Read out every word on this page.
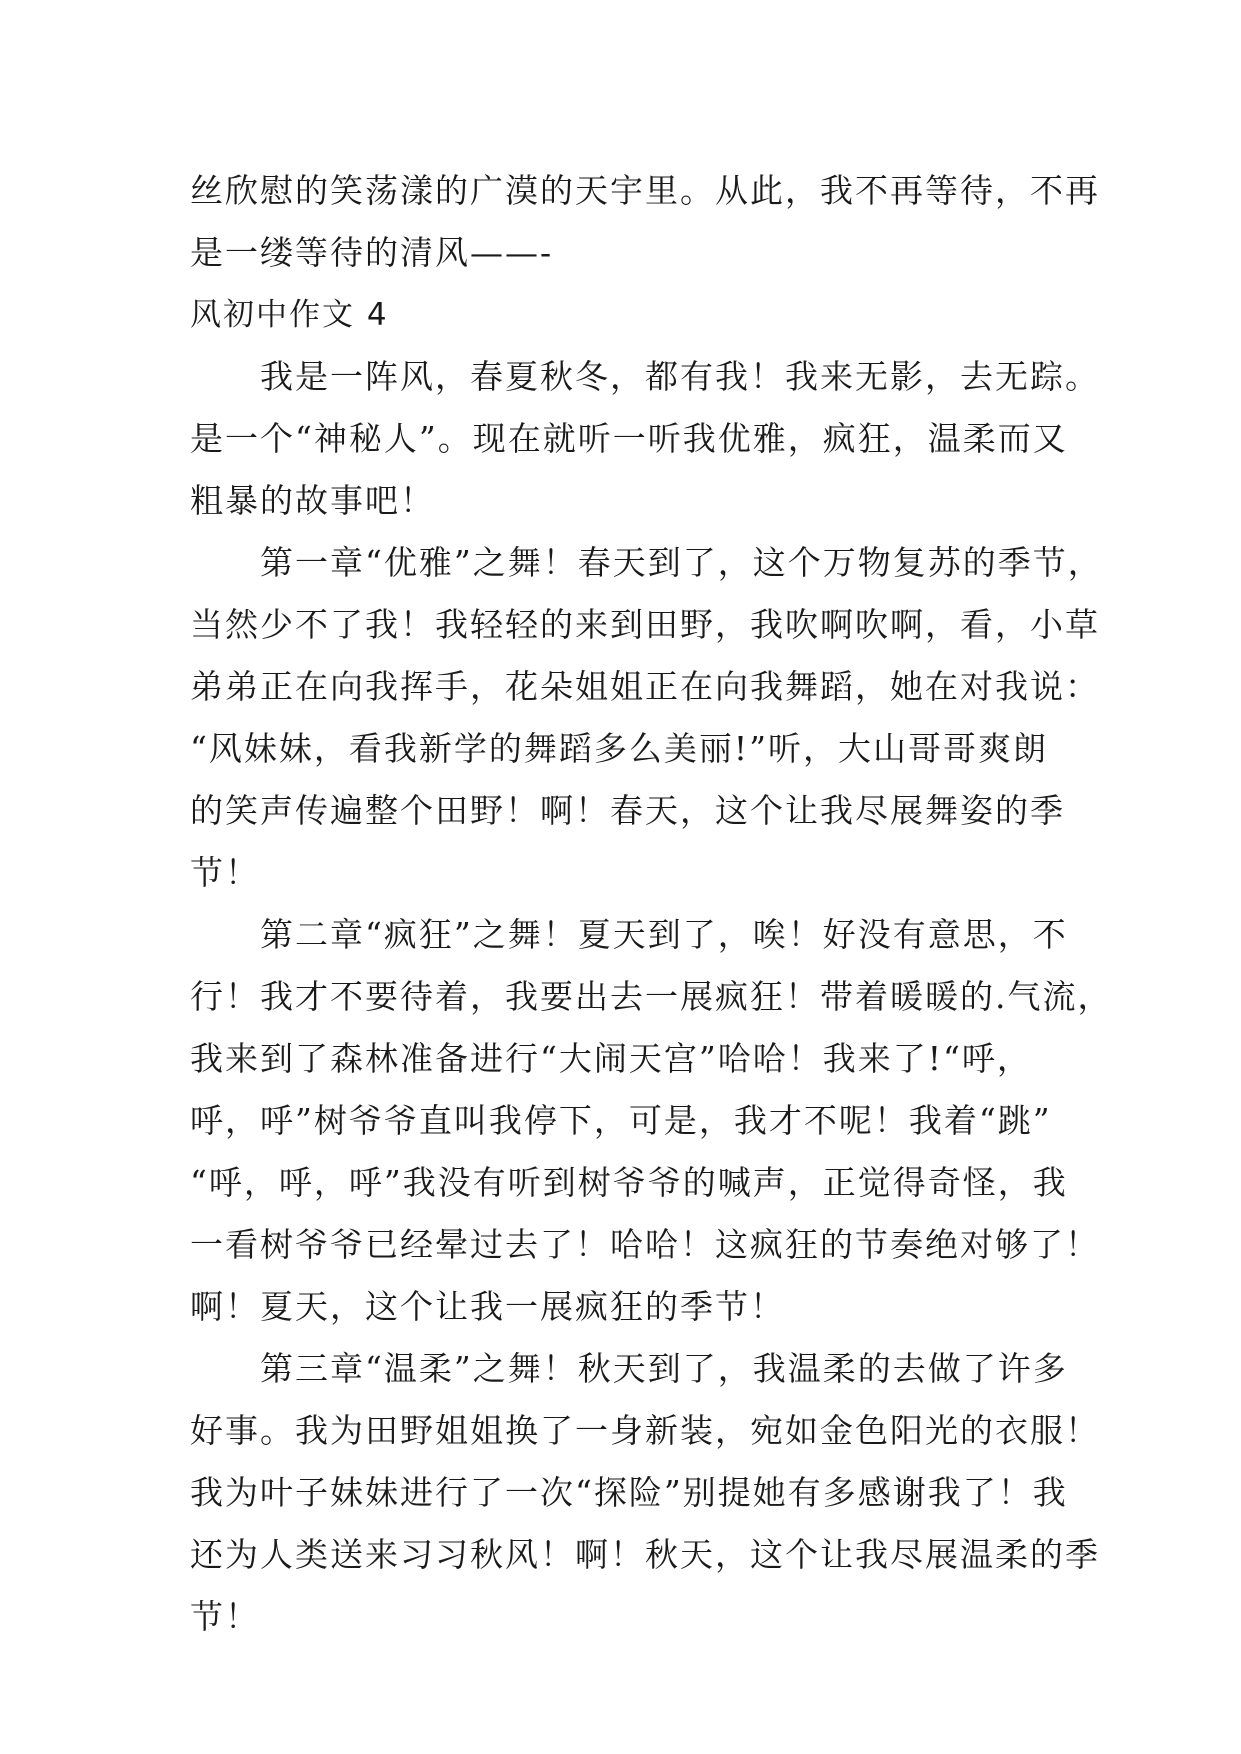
丝欣慰的笑荡漾的广漠的天宇里。从此，我不再等待，不再
是一缕等待的清风——-
风初中作文 4
　　我是一阵风，春夏秋冬，都有我！我来无影，去无踪。
是一个“神秘人”。现在就听一听我优雅，疯狂，温柔而又
粗暴的故事吧！
　　第一章“优雅”之舞！春天到了，这个万物复苏的季节，
当然少不了我！我轻轻的来到田野，我吹啊吹啊，看，小草
弟弟正在向我挥手，花朵姐姐正在向我舞蹈，她在对我说：
“风妹妹，看我新学的舞蹈多么美丽!”听，大山哥哥爽朗
的笑声传遍整个田野！啊！春天，这个让我尽展舞姿的季
节！
　　第二章“疯狂”之舞！夏天到了，唉！好没有意思，不
行！我才不要待着，我要出去一展疯狂！带着暖暖的.气流，
我来到了森林准备进行“大闹天宫”哈哈！我来了!“呼，
呼，呼”树爷爷直叫我停下，可是，我才不呢！我着“跳”
“呼，呼，呼”我没有听到树爷爷的喊声，正觉得奇怪，我
一看树爷爷已经晕过去了！哈哈！这疯狂的节奏绝对够了！
啊！夏天，这个让我一展疯狂的季节！
　　第三章“温柔”之舞！秋天到了，我温柔的去做了许多
好事。我为田野姐姐换了一身新装，宛如金色阳光的衣服！
我为叶子妹妹进行了一次“探险”别提她有多感谢我了！我
还为人类送来习习秋风！啊！秋天，这个让我尽展温柔的季
节！
